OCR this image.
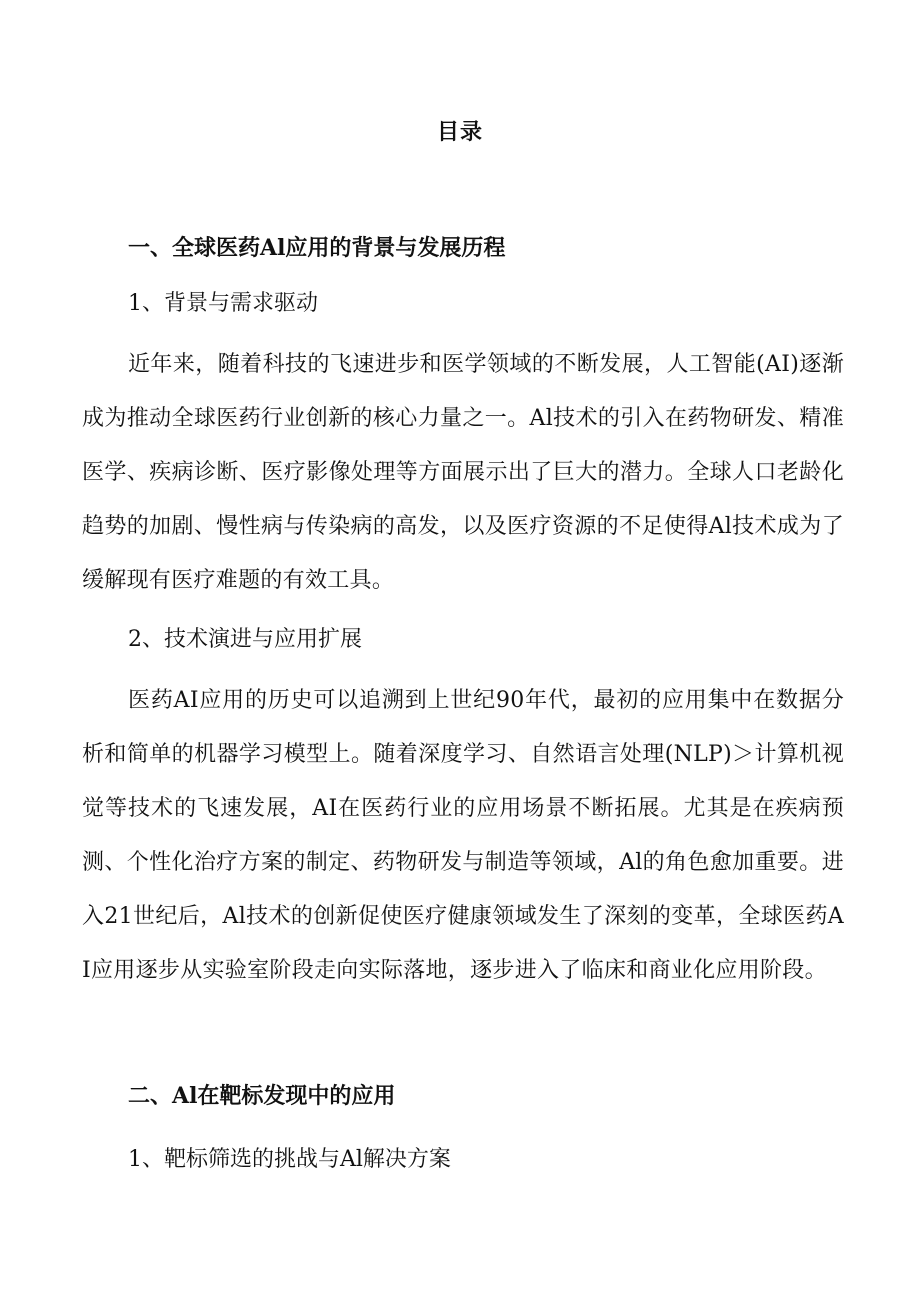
目录
一、全球医药Al应用的背景与发展历程
1、背景与需求驱动
近年来，随着科技的飞速进步和医学领域的不断发展，人工智能(AI)逐渐成为推动全球医药行业创新的核心力量之一。Al技术的引入在药物研发、精准医学、疾病诊断、医疗影像处理等方面展示出了巨大的潜力。全球人口老龄化趋势的加剧、慢性病与传染病的高发，以及医疗资源的不足使得Al技术成为了缓解现有医疗难题的有效工具。
2、技术演进与应用扩展
医药AI应用的历史可以追溯到上世纪90年代，最初的应用集中在数据分析和简单的机器学习模型上。随着深度学习、自然语言处理(NLP)＞计算机视觉等技术的飞速发展，AI在医药行业的应用场景不断拓展。尤其是在疾病预测、个性化治疗方案的制定、药物研发与制造等领域，Al的角色愈加重要。进入21世纪后，Al技术的创新促使医疗健康领域发生了深刻的变革，全球医药AI应用逐步从实验室阶段走向实际落地，逐步进入了临床和商业化应用阶段。
二、Al在靶标发现中的应用
1、靶标筛选的挑战与Al解决方案
